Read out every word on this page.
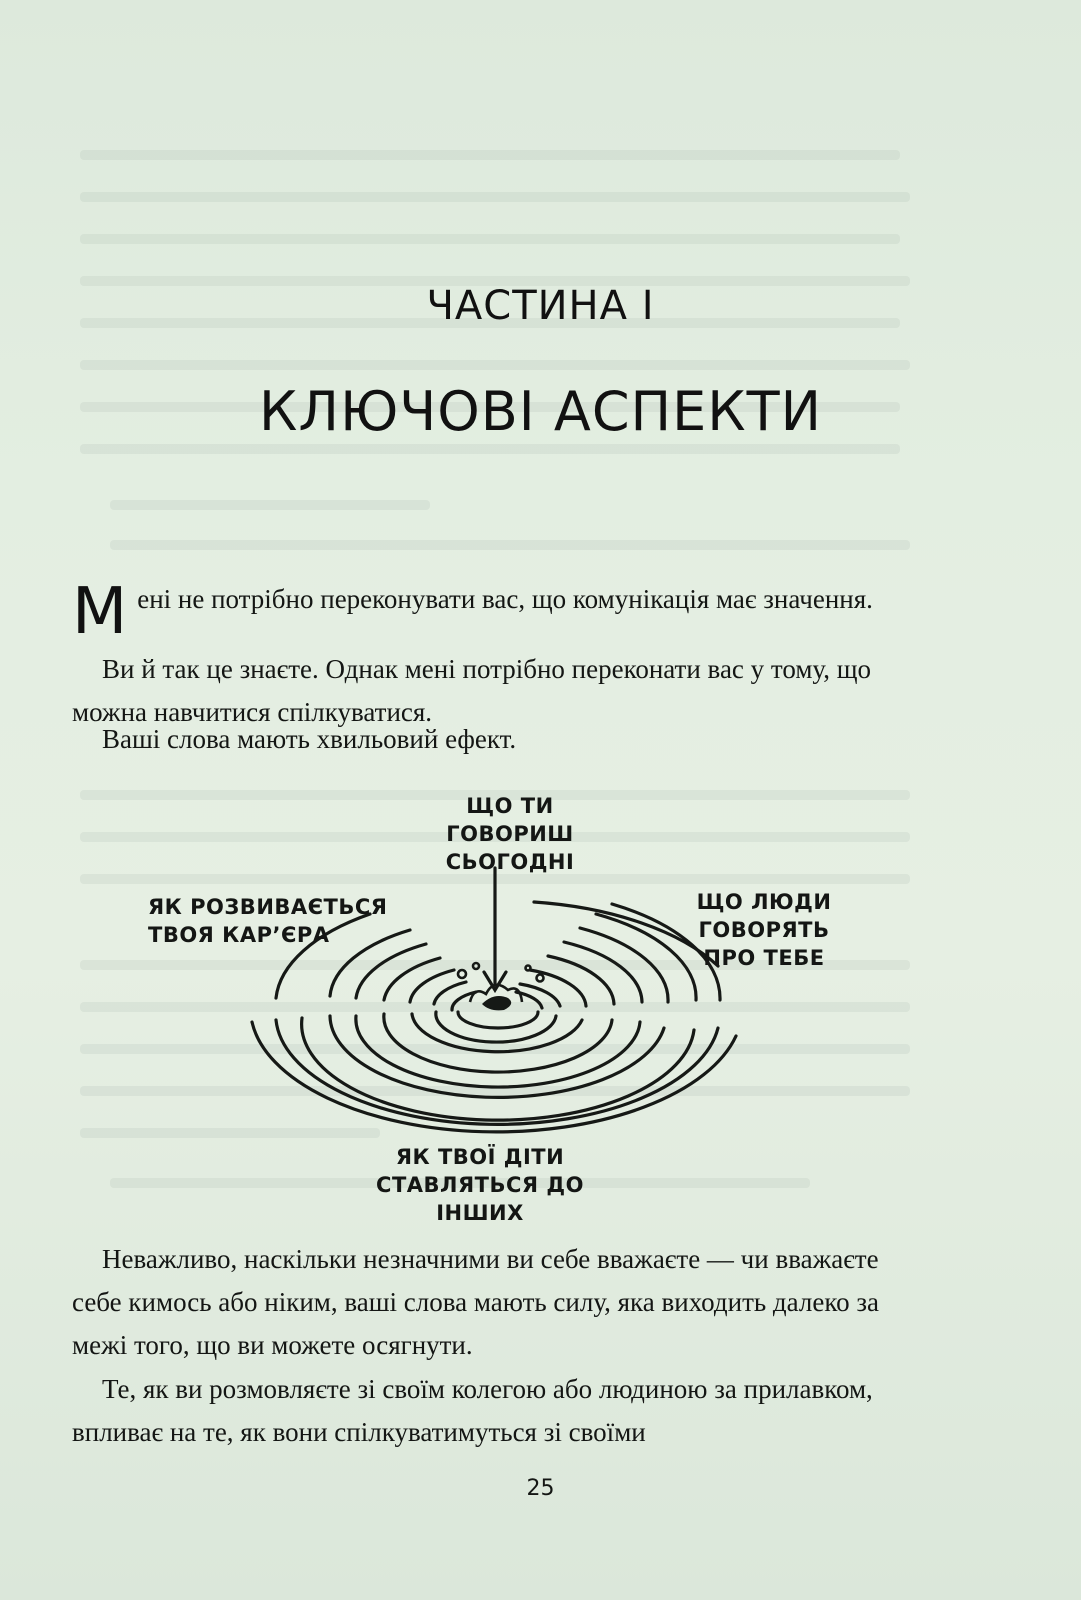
ЧАСТИНА І
КЛЮЧОВІ АСПЕКТИ
Мені не потрібно переконувати вас, що комунікація має значення.
Ви й так це знаєте. Однак мені потрібно переконати вас у тому, що можна навчитися спілкуватися.
Ваші слова мають хвильовий ефект.
ЩО ТИ ГОВОРИШ СЬОГОДНІ
ЯК РОЗВИВАЄТЬСЯ ТВОЯ КАР’ЄРА
ЩО ЛЮДИ ГОВОРЯТЬ ПРО ТЕБЕ
ЯК ТВОЇ ДІТИ СТАВЛЯТЬСЯ ДО ІНШИХ
Неважливо, наскільки незначними ви себе вважаєте — чи вважаєте себе кимось або ніким, ваші слова мають силу, яка виходить далеко за межі того, що ви можете осягнути.
Те, як ви розмовляєте зі своїм колегою або людиною за прилавком, впливає на те, як вони спілкуватимуться зі своїми
25
